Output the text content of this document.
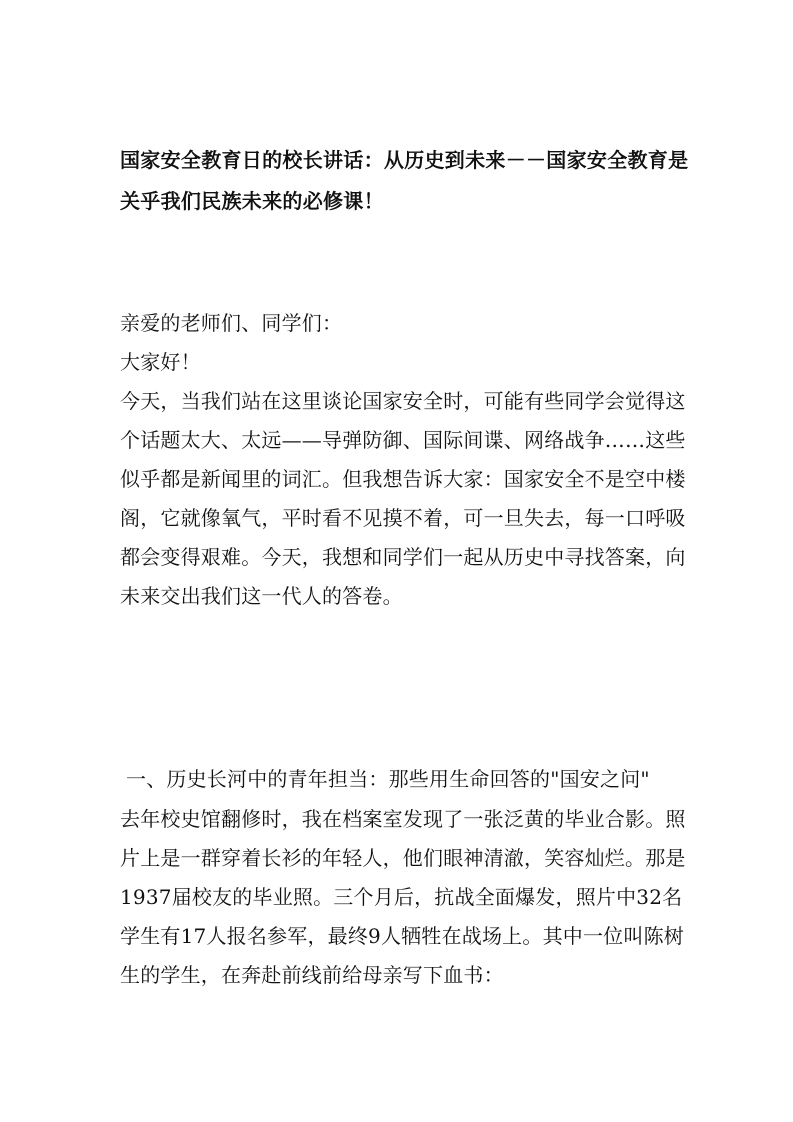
国家安全教育日的校长讲话：从历史到未来－－国家安全教育是关乎我们民族未来的必修课！

亲爱的老师们、同学们：

大家好！

今天，当我们站在这里谈论国家安全时，可能有些同学会觉得这个话题太大、太远——导弹防御、国际间谍、网络战争……这些似乎都是新闻里的词汇。但我想告诉大家：国家安全不是空中楼阁，它就像氧气，平时看不见摸不着，可一旦失去，每一口呼吸都会变得艰难。今天，我想和同学们一起从历史中寻找答案，向未来交出我们这一代人的答卷。

一、历史长河中的青年担当：那些用生命回答的"国安之问"

去年校史馆翻修时，我在档案室发现了一张泛黄的毕业合影。照片上是一群穿着长衫的年轻人，他们眼神清澈，笑容灿烂。那是1937届校友的毕业照。三个月后，抗战全面爆发，照片中32名学生有17人报名参军，最终9人牺牲在战场上。其中一位叫陈树生的学生，在奔赴前线前给母亲写下血书：
